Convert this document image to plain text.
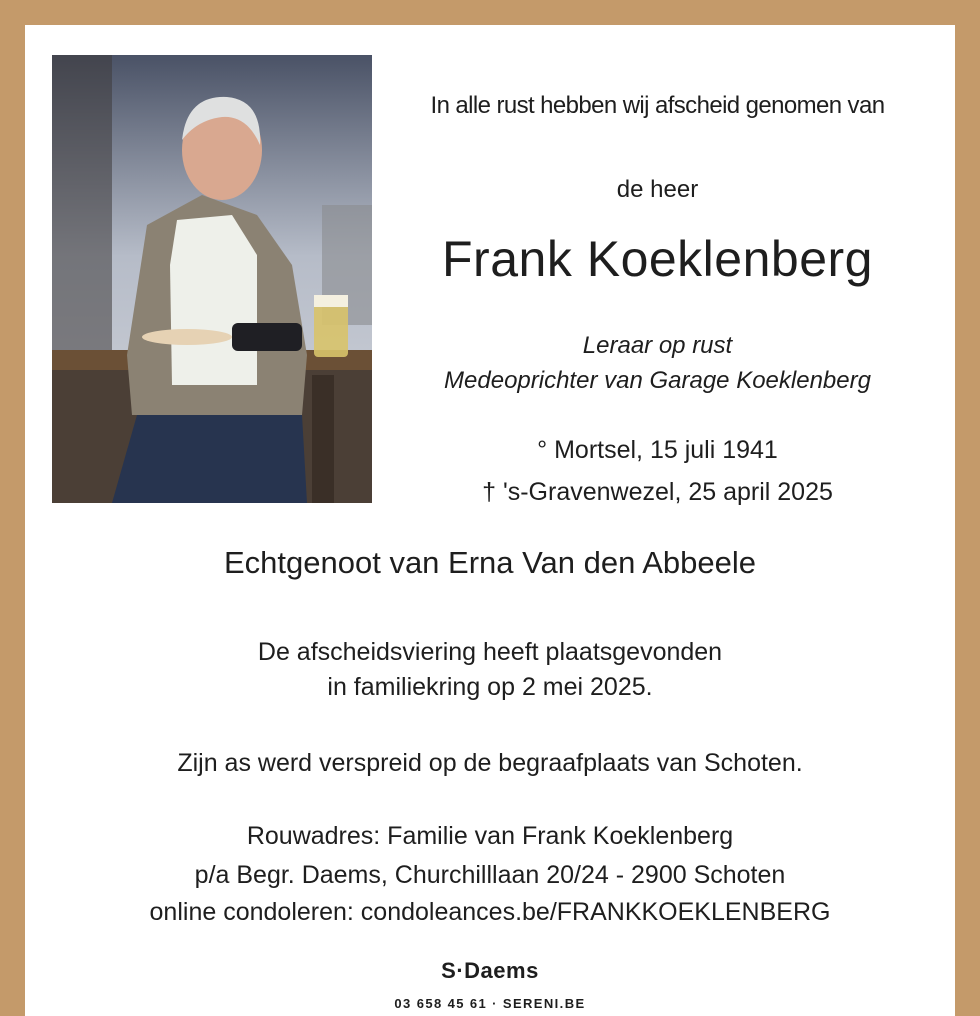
In alle rust hebben wij afscheid genomen van
de heer
Frank Koeklenberg
Leraar op rust
Medeoprichter van Garage Koeklenberg
° Mortsel, 15 juli 1941
† 's-Gravenwezel, 25 april 2025
Echtgenoot van Erna Van den Abbeele
De afscheidsviering heeft plaatsgevonden
in familiekring op 2 mei 2025.
Zijn as werd verspreid op de begraafplaats van Schoten.
Rouwadres: Familie van Frank Koeklenberg
p/a Begr. Daems, Churchilllaan 20/24 - 2900 Schoten
online condoleren: condoleances.be/FRANKKOEKLENBERG
S·Daems
03 658 45 61 · SERENI.BE
